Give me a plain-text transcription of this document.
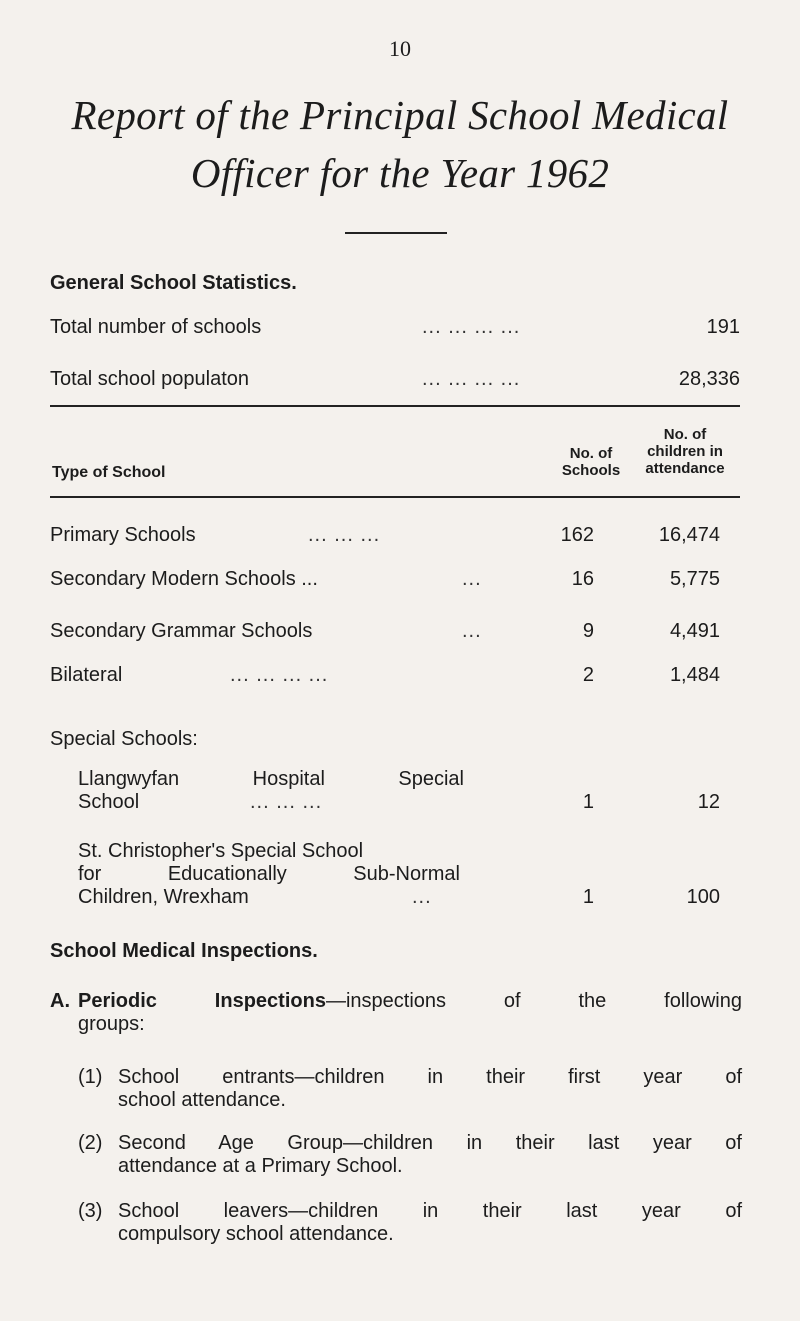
10
Report of the Principal School Medical
Officer for the Year 1962
General School Statistics.
Total number of schools	... ... ... ...	191
Total school populaton	... ... ... ...	28,336
Type of School
No. of
Schools
No. of
children in
attendance
Primary Schools	... ... ...	162	16,474
Secondary Modern Schools ...	...	16	5,775
Secondary Grammar Schools	...	9	4,491
Bilateral	... ... ... ...	2	1,484
Special Schools:
Llangwyfan Hospital Special
School	... ... ...	1	12
St. Christopher's Special School
for Educationally Sub-Normal
Children, Wrexham	...	1	100
School Medical Inspections.
A. Periodic Inspections—inspections of the following
groups:
(1) School entrants—children in their first year of
school attendance.
(2) Second Age Group—children in their last year of
attendance at a Primary School.
(3) School leavers—children in their last year of
compulsory school attendance.
